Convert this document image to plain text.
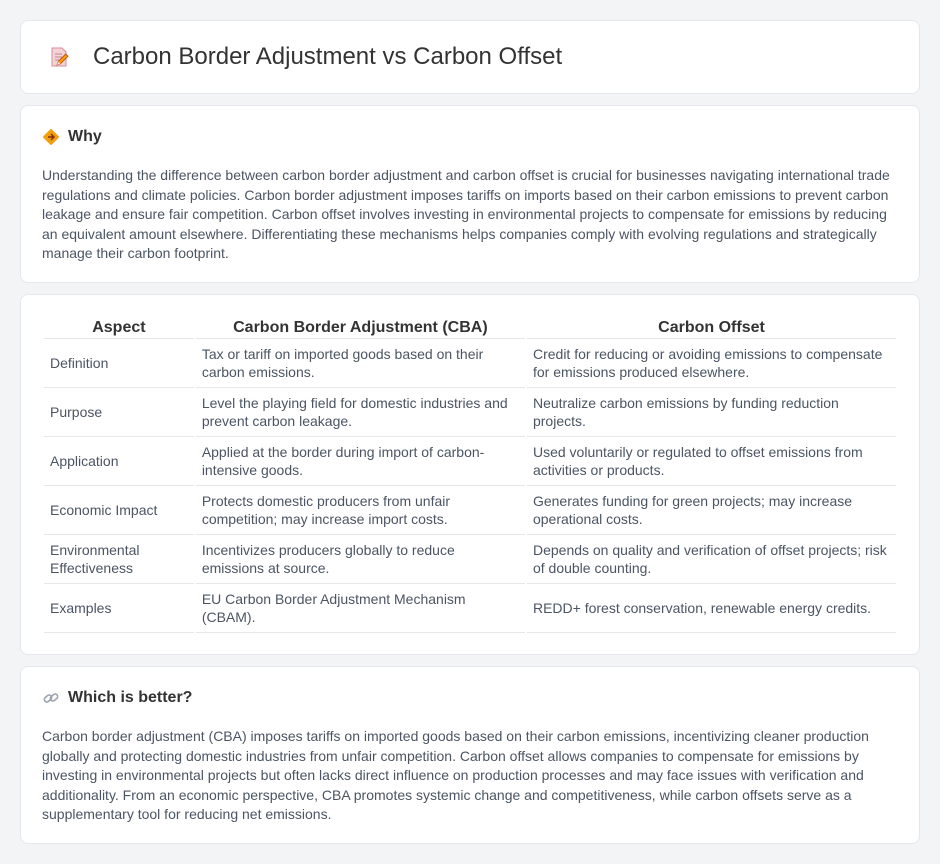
Carbon Border Adjustment vs Carbon Offset
Why

Understanding the difference between carbon border adjustment and carbon offset is crucial for businesses navigating international trade regulations and climate policies. Carbon border adjustment imposes tariffs on imports based on their carbon emissions to prevent carbon leakage and ensure fair competition. Carbon offset involves investing in environmental projects to compensate for emissions by reducing an equivalent amount elsewhere. Differentiating these mechanisms helps companies comply with evolving regulations and strategically manage their carbon footprint.

Aspect	Carbon Border Adjustment (CBA)	Carbon Offset
Definition	Tax or tariff on imported goods based on their carbon emissions.	Credit for reducing or avoiding emissions to compensate for emissions produced elsewhere.
Purpose	Level the playing field for domestic industries and prevent carbon leakage.	Neutralize carbon emissions by funding reduction projects.
Application	Applied at the border during import of carbon-intensive goods.	Used voluntarily or regulated to offset emissions from activities or products.
Economic Impact	Protects domestic producers from unfair competition; may increase import costs.	Generates funding for green projects; may increase operational costs.
Environmental Effectiveness	Incentivizes producers globally to reduce emissions at source.	Depends on quality and verification of offset projects; risk of double counting.
Examples	EU Carbon Border Adjustment Mechanism (CBAM).	REDD+ forest conservation, renewable energy credits.
Which is better?

Carbon border adjustment (CBA) imposes tariffs on imported goods based on their carbon emissions, incentivizing cleaner production globally and protecting domestic industries from unfair competition. Carbon offset allows companies to compensate for emissions by investing in environmental projects but often lacks direct influence on production processes and may face issues with verification and additionality. From an economic perspective, CBA promotes systemic change and competitiveness, while carbon offsets serve as a supplementary tool for reducing net emissions.
